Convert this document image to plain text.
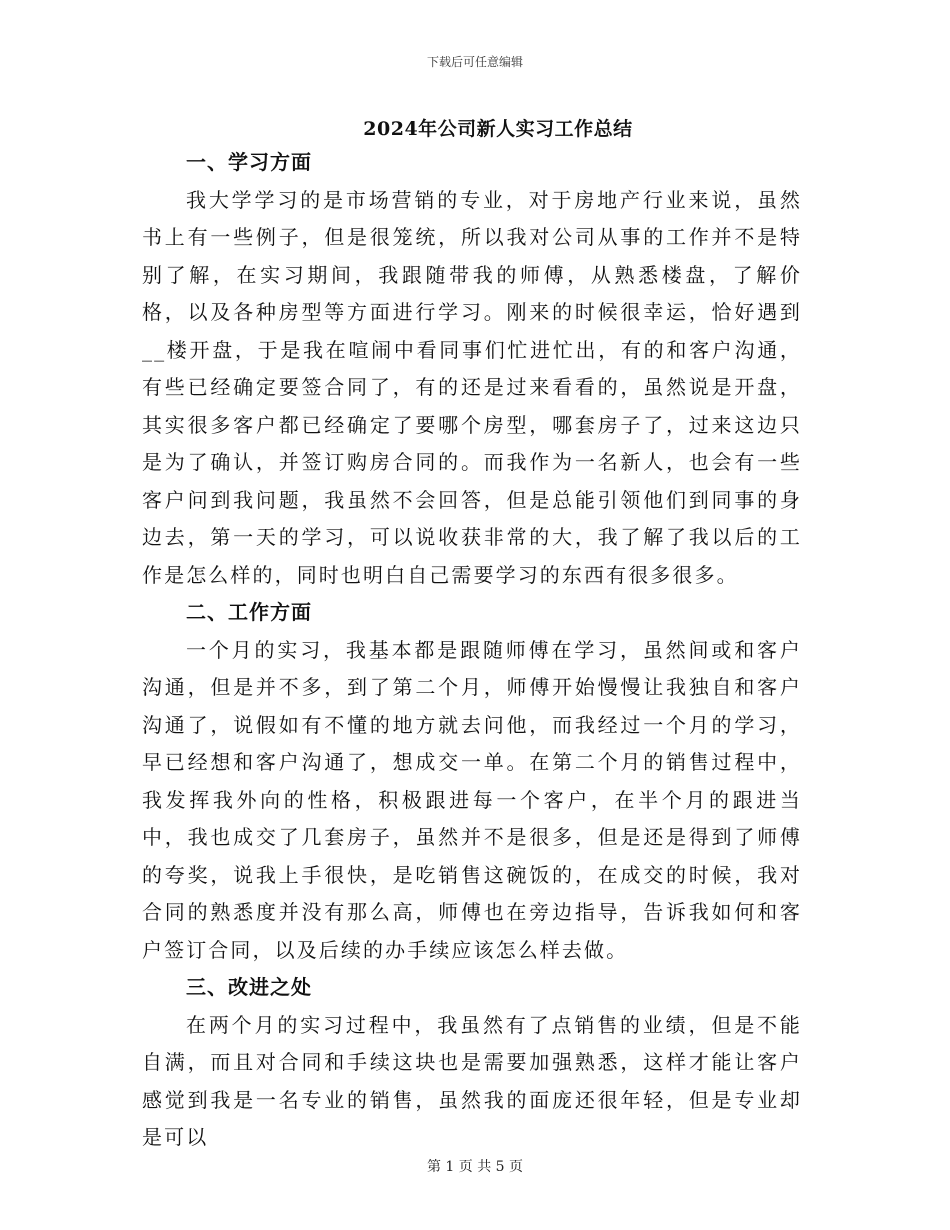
下载后可任意编辑
2024年公司新人实习工作总结
一、学习方面

我大学学习的是市场营销的专业，对于房地产行业来说，虽然书上有一些例子，但是很笼统，所以我对公司从事的工作并不是特别了解，在实习期间，我跟随带我的师傅，从熟悉楼盘，了解价格，以及各种房型等方面进行学习。刚来的时候很幸运，恰好遇到__楼开盘，于是我在喧闹中看同事们忙进忙出，有的和客户沟通，有些已经确定要签合同了，有的还是过来看看的，虽然说是开盘，其实很多客户都已经确定了要哪个房型，哪套房子了，过来这边只是为了确认，并签订购房合同的。而我作为一名新人，也会有一些客户问到我问题，我虽然不会回答，但是总能引领他们到同事的身边去，第一天的学习，可以说收获非常的大，我了解了我以后的工作是怎么样的，同时也明白自己需要学习的东西有很多很多。

二、工作方面

一个月的实习，我基本都是跟随师傅在学习，虽然间或和客户沟通，但是并不多，到了第二个月，师傅开始慢慢让我独自和客户沟通了，说假如有不懂的地方就去问他，而我经过一个月的学习，早已经想和客户沟通了，想成交一单。在第二个月的销售过程中，我发挥我外向的性格，积极跟进每一个客户，在半个月的跟进当中，我也成交了几套房子，虽然并不是很多，但是还是得到了师傅的夸奖，说我上手很快，是吃销售这碗饭的，在成交的时候，我对合同的熟悉度并没有那么高，师傅也在旁边指导，告诉我如何和客户签订合同，以及后续的办手续应该怎么样去做。

三、改进之处

在两个月的实习过程中，我虽然有了点销售的业绩，但是不能自满，而且对合同和手续这块也是需要加强熟悉，这样才能让客户感觉到我是一名专业的销售，虽然我的面庞还很年轻，但是专业却是可以

第 1 页 共 5 页
